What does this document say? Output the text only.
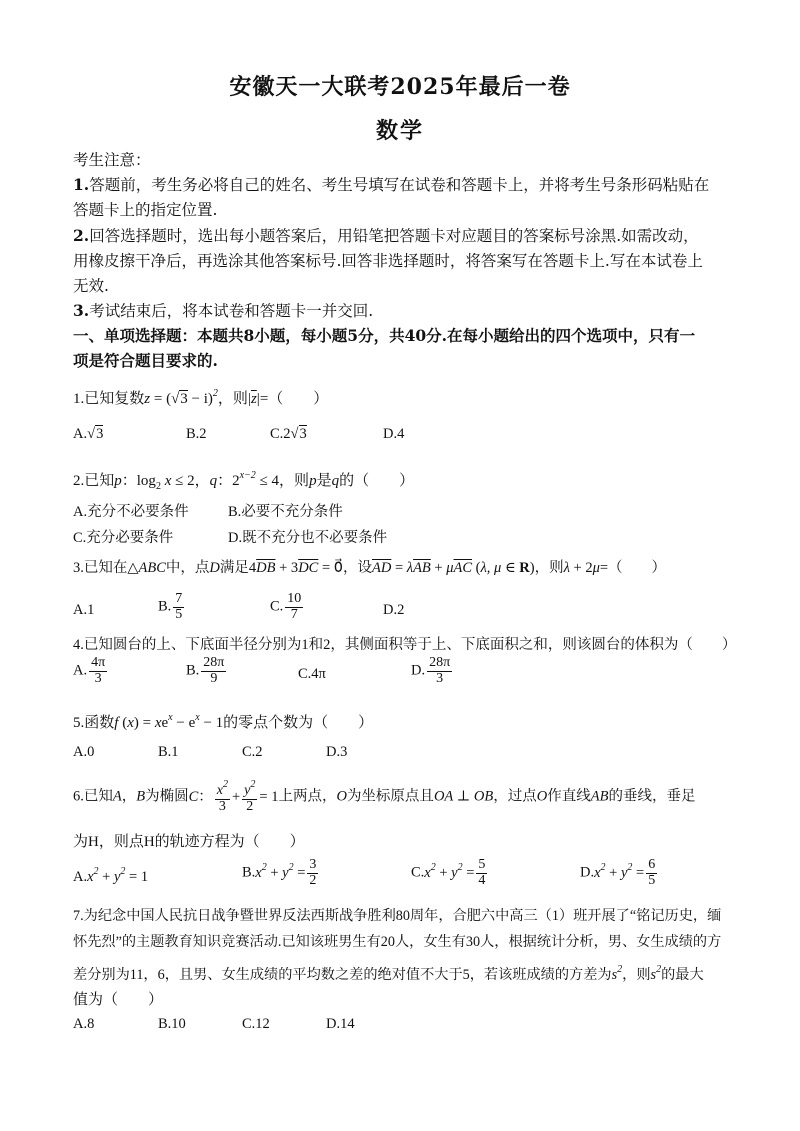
安徽天一大联考2025年最后一卷
数学
考生注意：
1.答题前，考生务必将自己的姓名、考生号填写在试卷和答题卡上，并将考生号条形码粘贴在
答题卡上的指定位置.
2.回答选择题时，选出每小题答案后，用铅笔把答题卡对应题目的答案标号涂黑.如需改动，
用橡皮擦干净后，再选涂其他答案标号.回答非选择题时，将答案写在答题卡上.写在本试卷上
无效.
3.考试结束后，将本试卷和答题卡一并交回.
一、单项选择题：本题共8小题，每小题5分，共40分.在每小题给出的四个选项中，只有一
项是符合题目要求的.
1.已知复数$z = (√3 - i)^2$，则$|\overline{z}|=$（　　）
A.√3	B.2	C.2√3	D.4
2.已知p：$\log_2 x \le 2$，q：$2^{x-2} \le 4$，则p是q的（　　）
A.充分不必要条件	B.必要不充分条件
C.充分必要条件	D.既不充分也不必要条件
3.已知在△ABC中，点D满足$4\overline{DB} + 3\overline{DC}$ = 0⃗，设$\overline{AD} = \lambda\overline{AB} + \mu\overline{AC}$ (λ, μ ∈ R)，则λ + 2μ=（　　）
A.1	B. $\frac{7}{5}$	C. $\frac{10}{7}$	D.2
4.已知圆台的上、下底面半径分别为1和2，其侧面积等于上、下底面积之和，则该圆台的体积为（　　）
A. $\frac{4\pi}{3}$	B. $\frac{28\pi}{9}$	C.4π	D. $\frac{28\pi}{3}$
5.函数f $(x) = xe^x - e^x - 1$的零点个数为（　　）
A.0	B.1	C.2	D.3
6.已知A，B为椭圆C： $\frac{x^2}{3} + \frac{y^2}{2} = 1$上两点，O为坐标原点且OA ⊥ OB，过点O作直线AB的垂线，垂足
为H，则点H的轨迹方程为（　　）
$A.x^2 + y^2 = 1$	$B.x^2 + y^2 = \frac{3}{2}$	$C.x^2 + y^2 = \frac{5}{4}$	$D.x^2 + y^2 = \frac{6}{5}$
7.为纪念中国人民抗日战争暨世界反法西斯战争胜利80周年，合肥六中高三（1）班开展了“铭记历史，缅
怀先烈”的主题教育知识竞赛活动.已知该班男生有20人，女生有30人，根据统计分析，男、女生成绩的方
差分别为11，6，且男、女生成绩的平均数之差的绝对值不大于5，若该班成绩的方差为$s^2$，则$s^2$的最大
值为（　　）
A.8	B.10	C.12	D.14
